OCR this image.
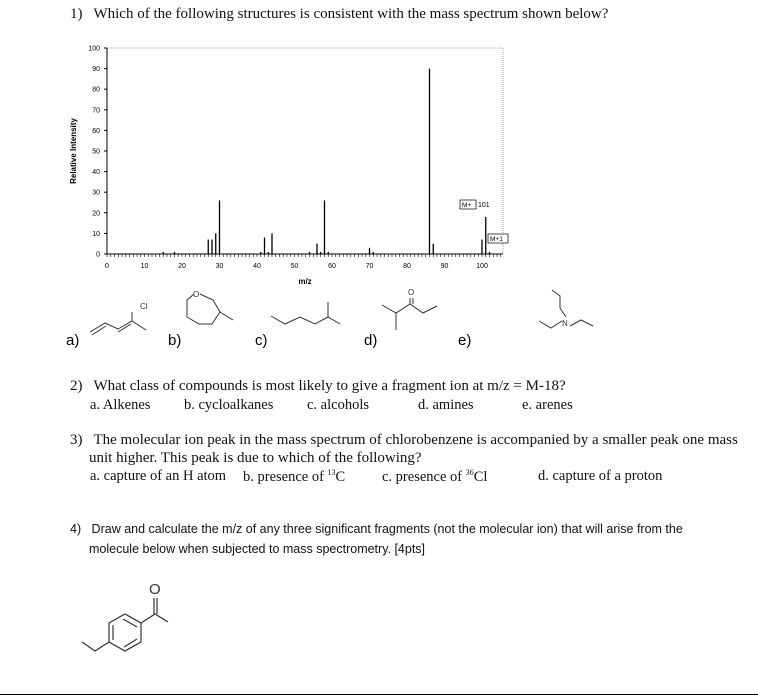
1) Which of the following structures is consistent with the mass spectrum shown below?
0	10	20	30	40	50	60	70	80	90	100
0
10
20
30
40
50
60
70
80
90
100
M+ 101
M+1
Relative Intensity
m/z
a)	b)	c)	d)	e)
Cl
O	O
N
2) What class of compounds is most likely to give a fragment ion at m/z = M-18?
a. Alkenes b. cycloalkanes c. alcohols	d. amines	e. arenes
3) The molecular ion peak in the mass spectrum of chlorobenzene is accompanied by a smaller peak one mass
unit higher. This peak is due to which of the following?
a. capture of an H atom b. presence of $^{13}$C	c. presence of $^{36}$Cl	d. capture of a proton
4) Draw and calculate the m/z of any three significant fragments (not the molecular ion) that will arise from the
molecule below when subjected to mass spectrometry. [4pts]
O
